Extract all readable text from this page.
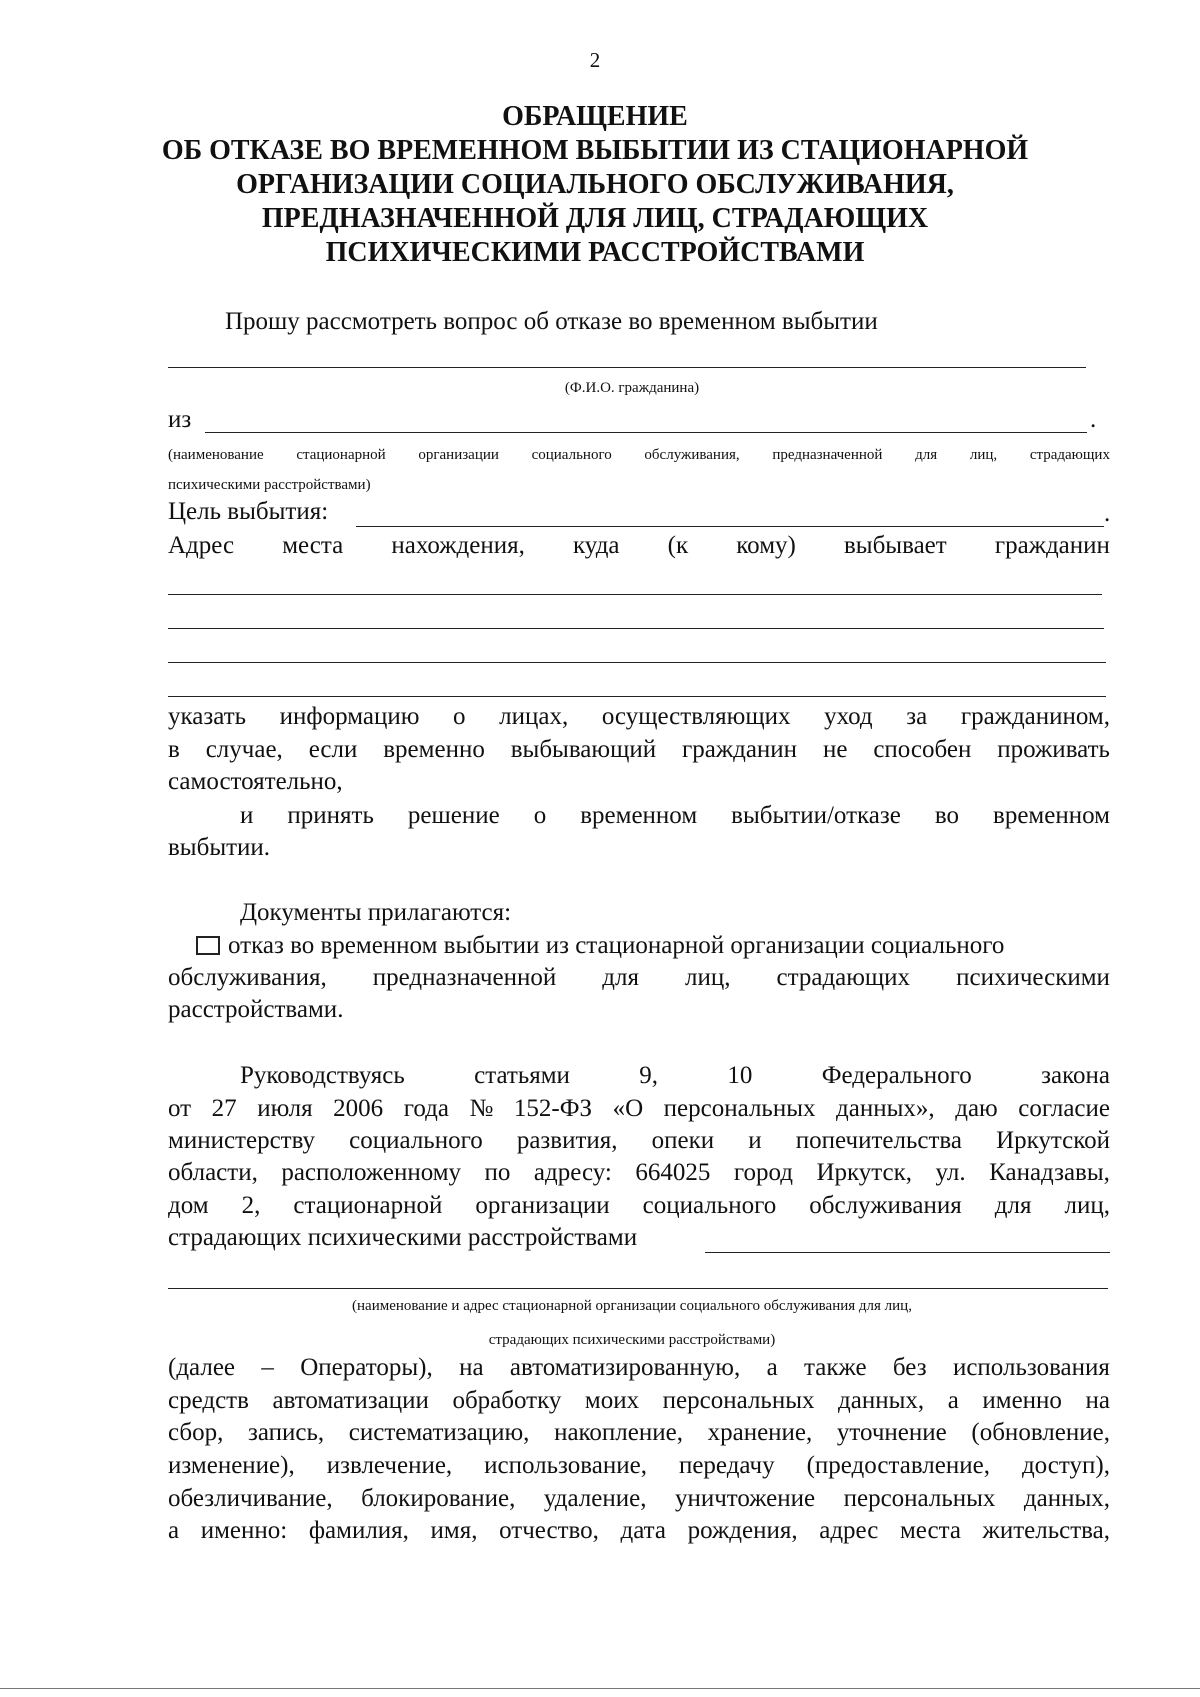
2
ОБРАЩЕНИЕ
ОБ ОТКАЗЕ ВО ВРЕМЕННОМ ВЫБЫТИИ ИЗ СТАЦИОНАРНОЙ
ОРГАНИЗАЦИИ СОЦИАЛЬНОГО ОБСЛУЖИВАНИЯ,
ПРЕДНАЗНАЧЕННОЙ ДЛЯ ЛИЦ, СТРАДАЮЩИХ
ПСИХИЧЕСКИМИ РАССТРОЙСТВАМИ
Прошу рассмотреть вопрос об отказе во временном выбытии
(Ф.И.О. гражданина)
из	.
(наименование стационарной организации социального обслуживания, предназначенной для лиц, страдающих
психическими расстройствами)
Цель выбытия:	.
Адрес места нахождения, куда (к кому) выбывает гражданин
указать информацию о лицах, осуществляющих уход за гражданином,
в случае, если временно выбывающий гражданин не способен проживать
самостоятельно,
и принять решение о временном выбытии/отказе во временном
выбытии.
Документы прилагаются:
отказ во временном выбытии из стационарной организации социального
обслуживания, предназначенной для лиц, страдающих психическими
расстройствами.
Руководствуясь	статьями	9,	10	Федерального	закона
от 27 июля 2006 года № 152-ФЗ «О персональных данных», даю согласие
министерству социального развития, опеки и попечительства Иркутской
области, расположенному по адресу: 664025 город Иркутск, ул. Канадзавы,
дом 2, стационарной организации социального обслуживания для лиц,
страдающих психическими расстройствами
(наименование и адрес стационарной организации социального обслуживания для лиц,
страдающих психическими расстройствами)
(далее – Операторы), на автоматизированную, а также без использования
средств автоматизации обработку моих персональных данных, а именно на
сбор, запись, систематизацию, накопление, хранение, уточнение (обновление,
изменение), извлечение, использование, передачу (предоставление, доступ),
обезличивание, блокирование, удаление, уничтожение персональных данных,
а именно: фамилия, имя, отчество, дата рождения, адрес места жительства,
